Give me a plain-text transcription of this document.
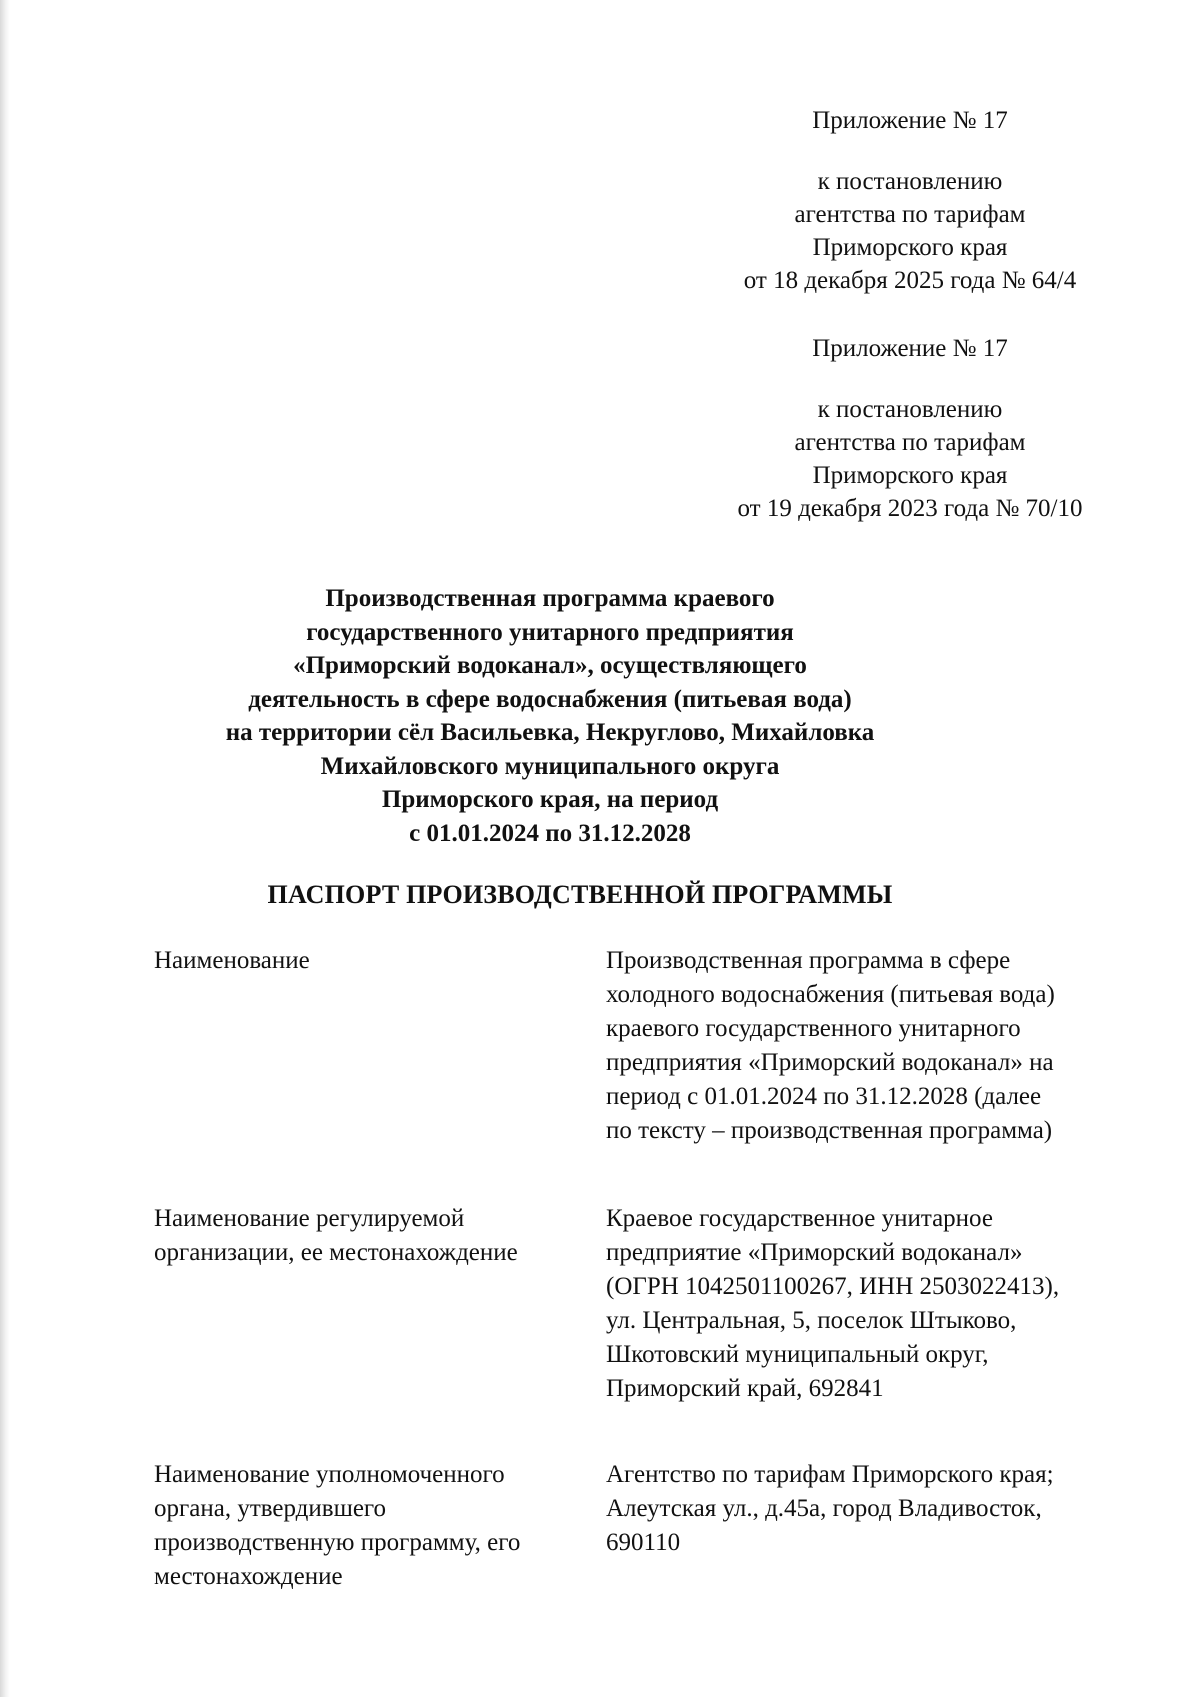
Приложение № 17

к постановлению

агентства по тарифам

Приморского края

от 18 декабря 2025 года № 64/4

Приложение № 17

к постановлению

агентства по тарифам

Приморского края

от 19 декабря 2023 года № 70/10

Производственная программа краевого

государственного унитарного предприятия

«Приморский водоканал», осуществляющего

деятельность в сфере водоснабжения (питьевая вода)

на территории сёл Васильевка, Некруглово, Михайловка

Михайловского муниципального округа

Приморского края, на период

с 01.01.2024 по 31.12.2028

ПАСПОРТ ПРОИЗВОДСТВЕННОЙ ПРОГРАММЫ

Наименование	Производственная программа в сфере

холодного водоснабжения (питьевая вода)

краевого государственного унитарного

предприятия «Приморский водоканал» на

период с 01.01.2024 по 31.12.2028 (далее

по тексту – производственная программа)

Наименование регулируемой

организации, ее местонахождение

Краевое государственное унитарное

предприятие «Приморский водоканал»

(ОГРН 1042501100267, ИНН 2503022413),

ул. Центральная, 5, поселок Штыково,

Шкотовский муниципальный округ,

Приморский край, 692841

Наименование уполномоченного

органа, утвердившего

производственную программу, его

местонахождение

Агентство по тарифам Приморского края;

Алеутская ул., д.45а, город Владивосток,

690110
